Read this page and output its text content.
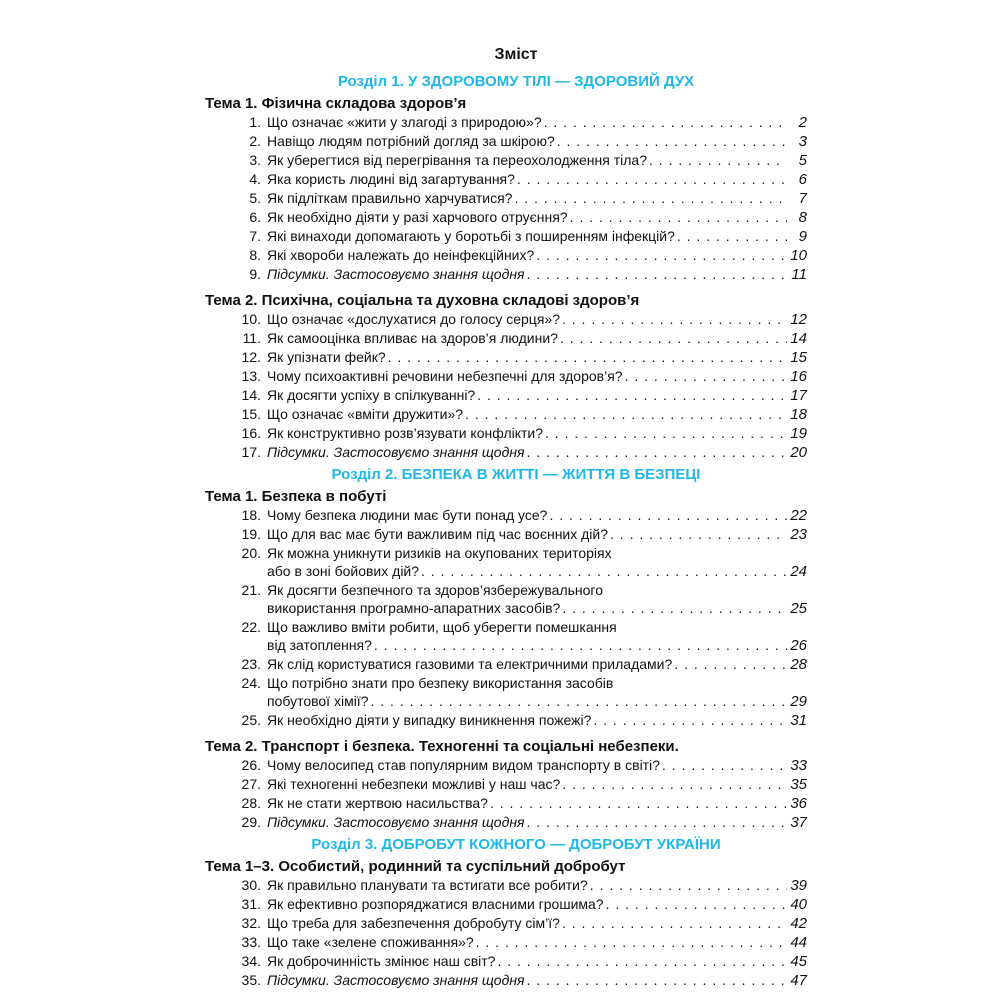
Зміст
Розділ 1. У ЗДОРОВОМУ ТІЛІ — ЗДОРОВИЙ ДУХ
Тема 1. Фізична складова здоров’я
1. Що означає «жити у злагоді з природою»? . . .	2
2. Навіщо людям потрібний догляд за шкірою? . . .	3
3. Як уберегтися від перегрівання та переохолодження тіла? . . .	5
4. Яка користь людині від загартування? . . .	6
5. Як підліткам правильно харчуватися? . . .	7
6. Як необхідно діяти у разі харчового отруєння? . . .	8
7. Які винаходи допомагають у боротьбі з поширенням інфекцій? . . .	9
8. Які хвороби належать до неінфекційних? . . .	10
9. Підсумки. Застосовуємо знання щодня . . .	11
Тема 2. Психічна, соціальна та духовна складові здоров’я
10. Що означає «дослухатися до голосу серця»? . . .	12
11. Як самооцінка впливає на здоров’я людини? . . .	14
12. Як упізнати фейк? . . .	15
13. Чому психоактивні речовини небезпечні для здоров’я? . . .	16
14. Як досягти успіху в спілкуванні? . . .	17
15. Що означає «вміти дружити»? . . .	18
16. Як конструктивно розв’язувати конфлікти? . . .	19
17. Підсумки. Застосовуємо знання щодня . . .	20
Розділ 2. БЕЗПЕКА В ЖИТТІ — ЖИТТЯ В БЕЗПЕЦІ
Тема 1. Безпека в побуті
18. Чому безпека людини має бути понад усе? . . .	22
19. Що для вас має бути важливим під час воєнних дій? . . .	23
20. Як можна уникнути ризиків на окупованих територіях
або в зоні бойових дій? . . .	24
21. Як досягти безпечного та здоров’язбережувального
використання програмно-апаратних засобів? . . .	25
22. Що важливо вміти робити, щоб уберегти помешкання
від затоплення? . . .	26
23. Як слід користуватися газовими та електричними приладами? . . .	28
24. Що потрібно знати про безпеку використання засобів
побутової хімії? . . .	29
25. Як необхідно діяти у випадку виникнення пожежі? . . .	31
Тема 2. Транспорт і безпека. Техногенні та соціальні небезпеки.
26. Чому велосипед став популярним видом транспорту в світі? . . .	33
27. Які техногенні небезпеки можливі у наш час? . . .	35
28. Як не стати жертвою насильства? . . .	36
29. Підсумки. Застосовуємо знання щодня . . .	37
Розділ 3. ДОБРОБУТ КОЖНОГО — ДОБРОБУТ УКРАЇНИ
Тема 1–3. Особистий, родинний та суспільний добробут
30. Як правильно планувати та встигати все робити? . . .	39
31. Як ефективно розпоряджатися власними грошима? . . .	40
32. Що треба для забезпечення добробуту сім’ї? . . .	42
33. Що таке «зелене споживання»? . . .	44
34. Як доброчинність змінює наш світ? . . .	45
35. Підсумки. Застосовуємо знання щодня . . .	47
